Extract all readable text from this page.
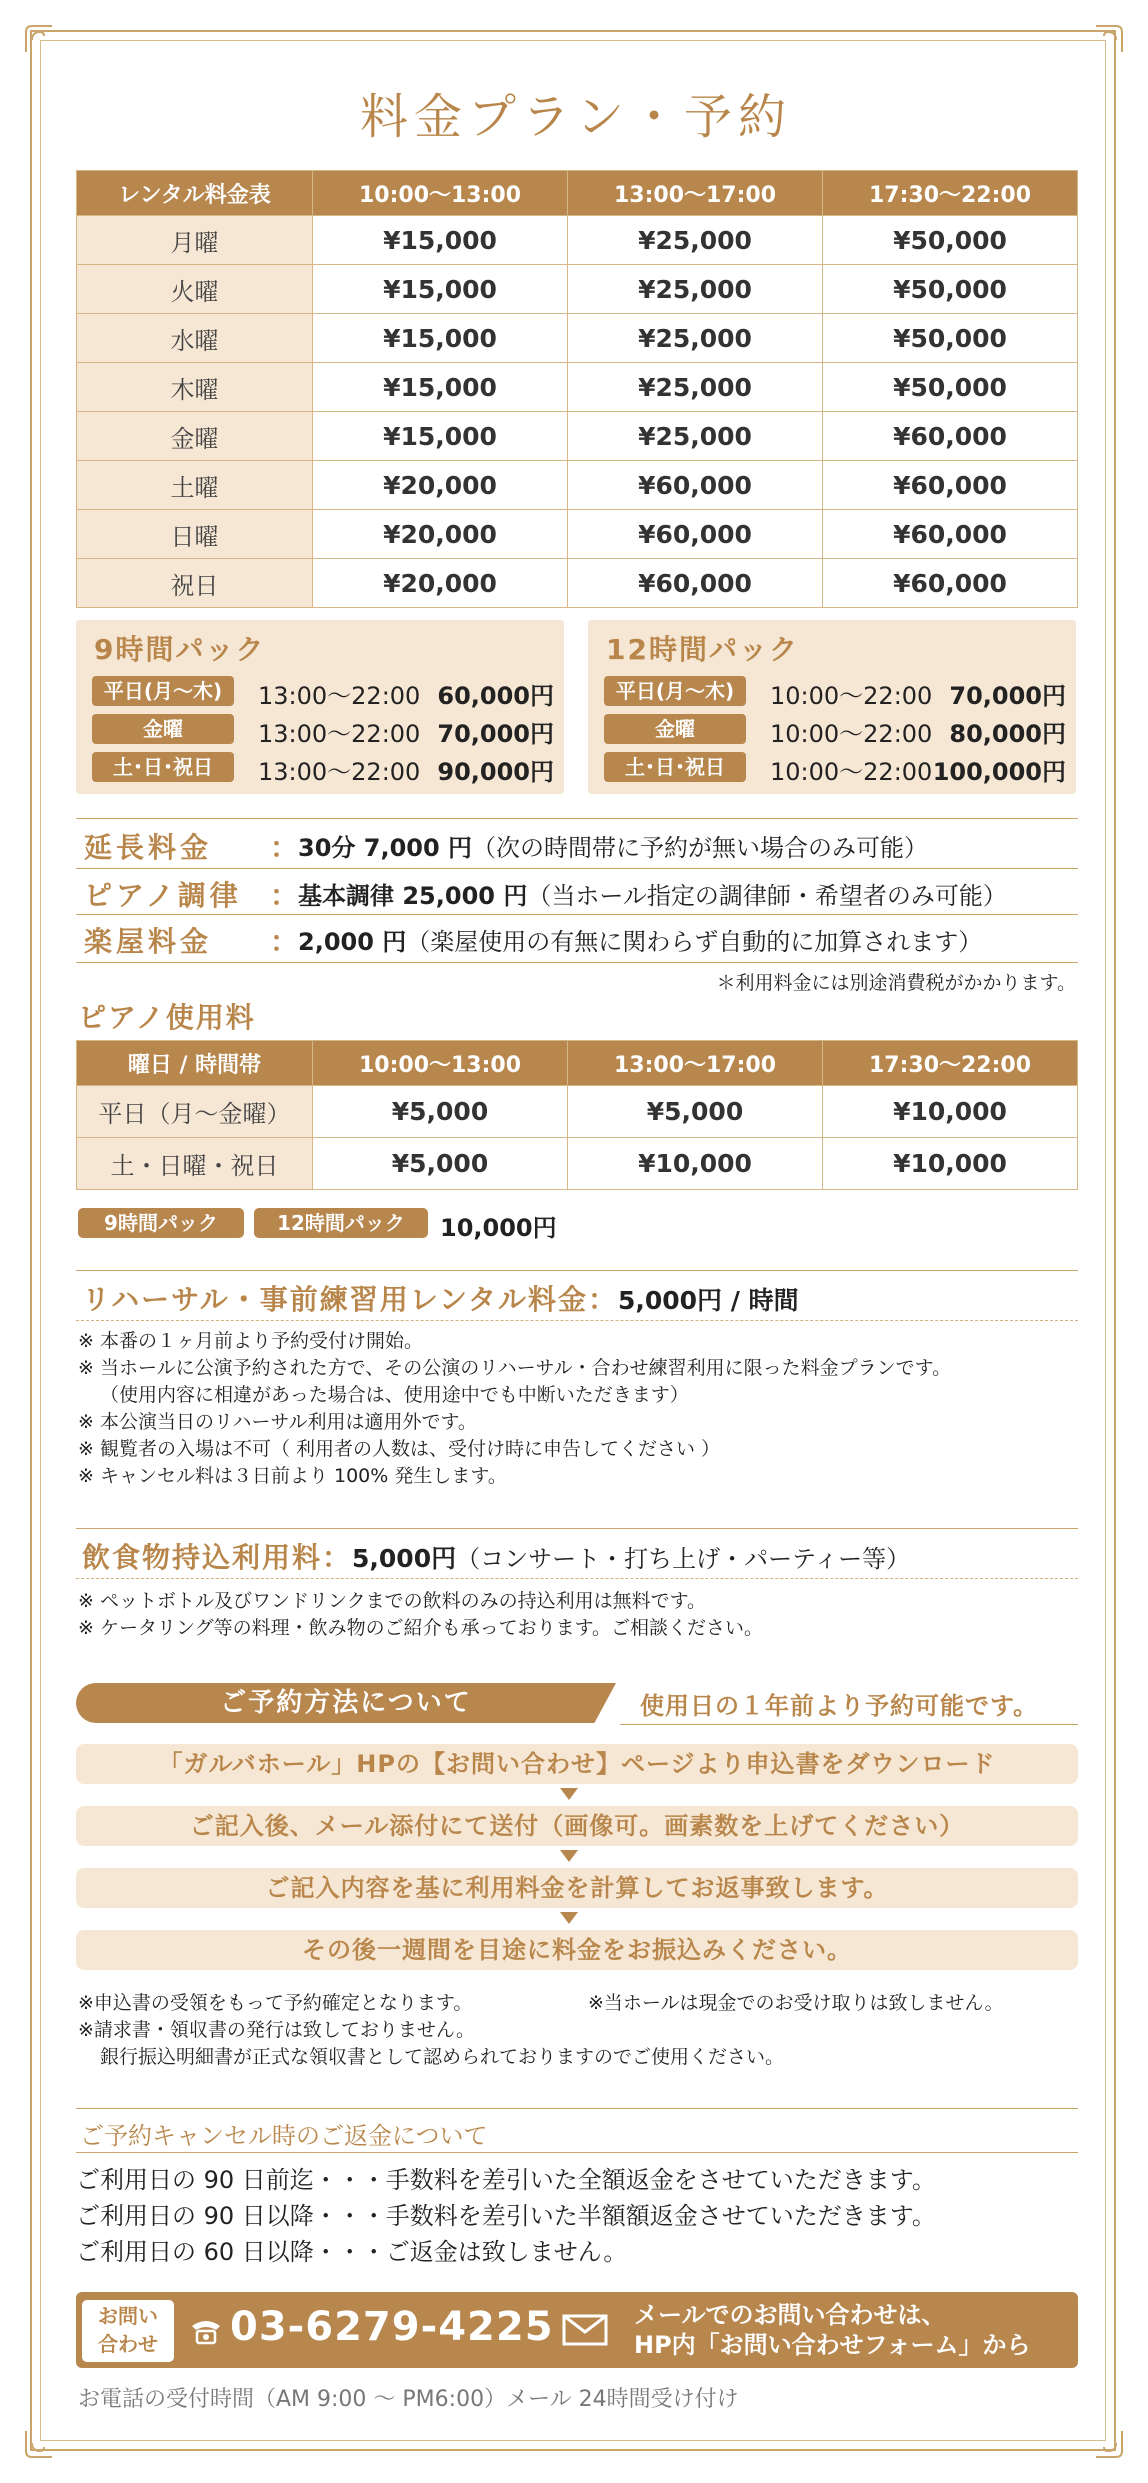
料金プラン・予約
レンタル料金表	10:00〜13:00	13:00〜17:00	17:30〜22:00
月曜	¥15,000	¥25,000	¥50,000
火曜	¥15,000	¥25,000	¥50,000
水曜	¥15,000	¥25,000	¥50,000
木曜	¥15,000	¥25,000	¥50,000
金曜	¥15,000	¥25,000	¥60,000
土曜	¥20,000	¥60,000	¥60,000
日曜	¥20,000	¥60,000	¥60,000
祝日	¥20,000	¥60,000	¥60,000
9時間パック
平日(月〜木)	13:00〜22:00 60,000円
金曜	13:00〜22:00 70,000円
土･日･祝日	13:00〜22:00 90,000円
12時間パック
平日(月〜木)	10:00〜22:00 70,000円
金曜	10:00〜22:00 80,000円
土･日･祝日	10:00〜22:00 100,000円
延長料金 ： 30分 7,000 円（次の時間帯に予約が無い場合のみ可能）
ピアノ調律 ： 基本調律 25,000 円（当ホール指定の調律師・希望者のみ可能）
楽屋料金 ： 2,000 円（楽屋使用の有無に関わらず自動的に加算されます）
＊利用料金には別途消費税がかかります。
ピアノ使用料
曜日 / 時間帯	10:00〜13:00	13:00〜17:00	17:30〜22:00
平日（月〜金曜）	¥5,000	¥5,000	¥10,000
土・日曜・祝日	¥5,000	¥10,000	¥10,000
9時間パック	12時間パック	10,000円
リハーサル・事前練習用レンタル料金：5,000円 / 時間
※ 本番の１ヶ月前より予約受付け開始。
※ 当ホールに公演予約された方で、その公演のリハーサル・合わせ練習利用に限った料金プランです。
（使用内容に相違があった場合は、使用途中でも中断いただきます）
※ 本公演当日のリハーサル利用は適用外です。
※ 観覧者の入場は不可（ 利用者の人数は、受付け時に申告してください ）
※ キャンセル料は３日前より 100% 発生します。
飲食物持込利用料：5,000円（コンサート・打ち上げ・パーティー等）
※ ペットボトル及びワンドリンクまでの飲料のみの持込利用は無料です。
※ ケータリング等の料理・飲み物のご紹介も承っております。ご相談ください。
ご予約方法について	使用日の１年前より予約可能です。
「ガルバホール」HPの【お問い合わせ】ページより申込書をダウンロード
ご記入後、メール添付にて送付（画像可。画素数を上げてください）
ご記入内容を基に利用料金を計算してお返事致します。
その後一週間を目途に料金をお振込みください。
※申込書の受領をもって予約確定となります。	※当ホールは現金でのお受け取りは致しません。
※請求書・領収書の発行は致しておりません。
銀行振込明細書が正式な領収書として認められておりますのでご使用ください。
ご予約キャンセル時のご返金について
ご利用日の 90 日前迄・・・手数料を差引いた全額返金をさせていただきます。
ご利用日の 90 日以降・・・手数料を差引いた半額額返金させていただきます。
ご利用日の 60 日以降・・・ご返金は致しません。
お問い
合わせ	03-6279-4225	メールでのお問い合わせは、
HP内「お問い合わせフォーム」から
お電話の受付時間（AM 9:00 〜 PM6:00）メール 24時間受け付け
